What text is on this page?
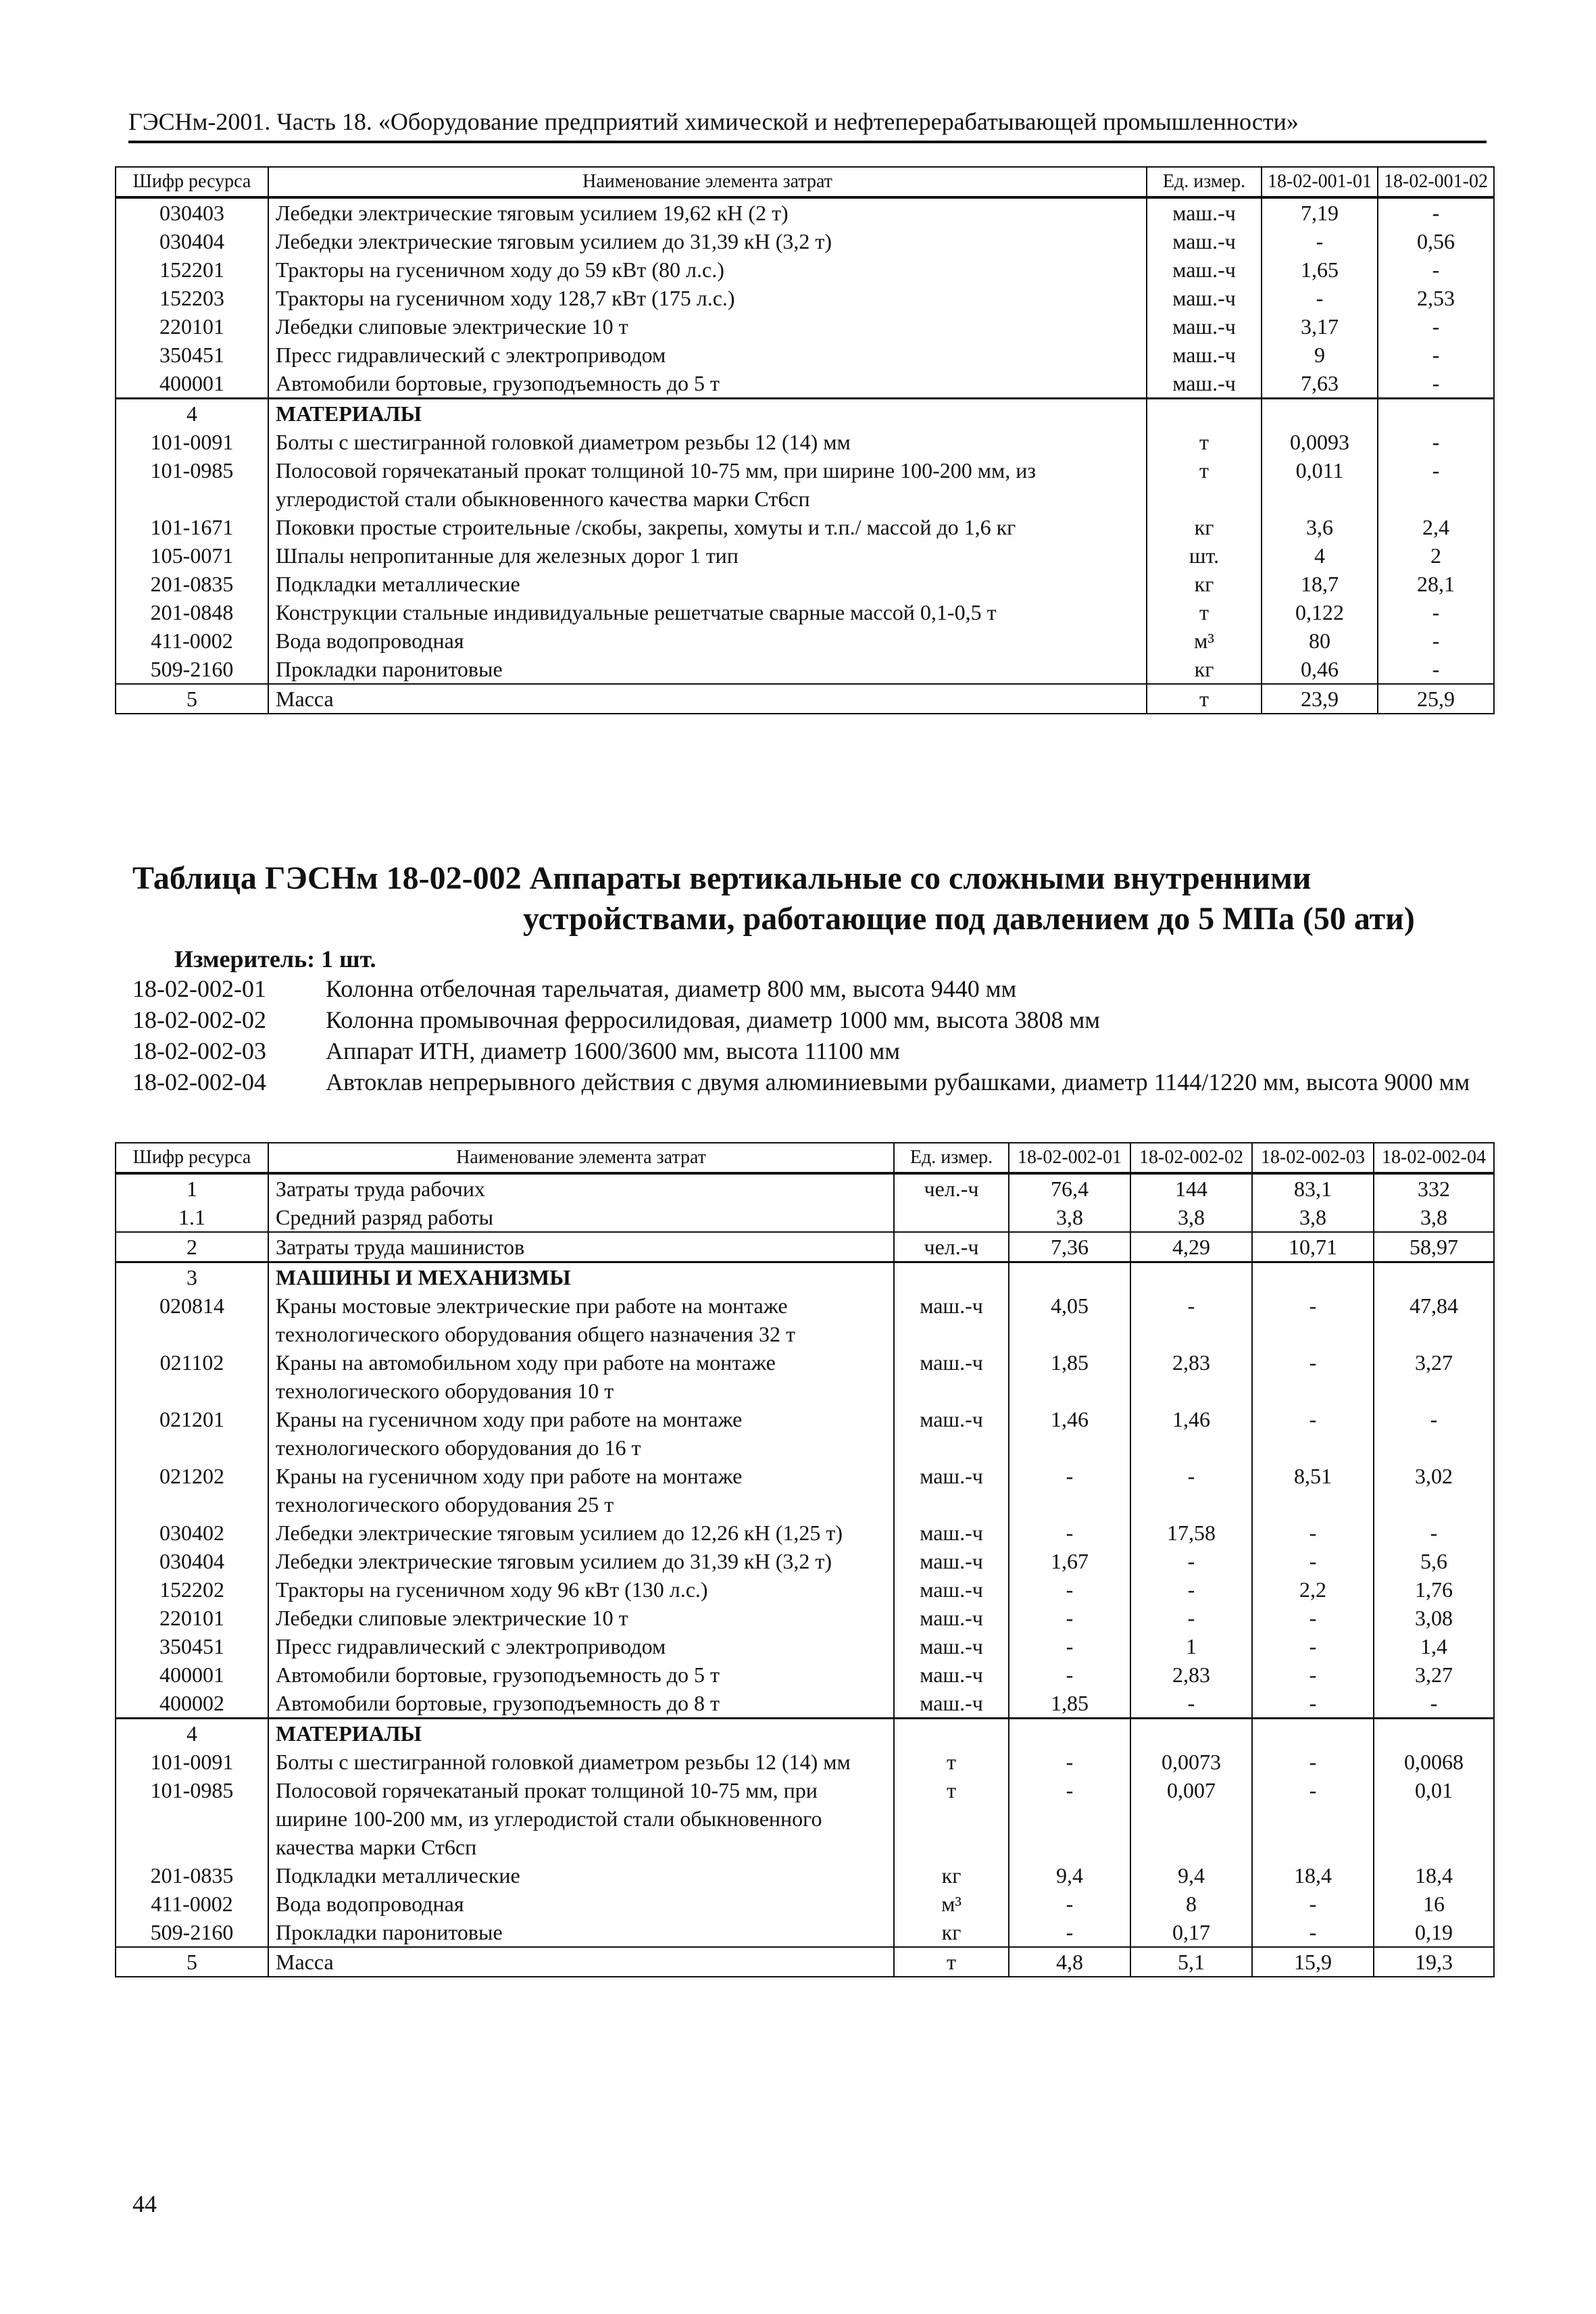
ГЭСНм-2001. Часть 18. «Оборудование предприятий химической и нефтеперерабатывающей промышленности»
Шифр ресурса	Наименование элемента затрат	Ед. измер.	18-02-001-01	18-02-001-02
030403	Лебедки электрические тяговым усилием 19,62 кН (2 т)	маш.-ч	7,19	-
030404	Лебедки электрические тяговым усилием до 31,39 кН (3,2 т)	маш.-ч	-	0,56
152201	Тракторы на гусеничном ходу до 59 кВт (80 л.с.)	маш.-ч	1,65	-
152203	Тракторы на гусеничном ходу 128,7 кВт (175 л.с.)	маш.-ч	-	2,53
220101	Лебедки слиповые электрические 10 т	маш.-ч	3,17	-
350451	Пресс гидравлический с электроприводом	маш.-ч	9	-
400001	Автомобили бортовые, грузоподъемность до 5 т	маш.-ч	7,63	-
4	МАТЕРИАЛЫ			
101-0091	Болты с шестигранной головкой диаметром резьбы 12 (14) мм	т	0,0093	-
101-0985	Полосовой горячекатаный прокат толщиной 10-75 мм, при ширине 100-200 мм, из углеродистой стали обыкновенного качества марки Ст6сп	т	0,011	-
101-1671	Поковки простые строительные /скобы, закрепы, хомуты и т.п./ массой до 1,6 кг	кг	3,6	2,4
105-0071	Шпалы непропитанные для железных дорог 1 тип	шт.	4	2
201-0835	Подкладки металлические	кг	18,7	28,1
201-0848	Конструкции стальные индивидуальные решетчатые сварные массой 0,1-0,5 т	т	0,122	-
411-0002	Вода водопроводная	м³	80	-
509-2160	Прокладки паронитовые	кг	0,46	-
5	Масса	т	23,9	25,9
Таблица ГЭСНм 18-02-002 Аппараты вертикальные со сложными внутренними
устройствами, работающие под давлением до 5 МПа (50 ати)
Измеритель: 1 шт.
18-02-002-01	Колонна отбелочная тарельчатая, диаметр 800 мм, высота 9440 мм
18-02-002-02	Колонна промывочная ферросилидовая, диаметр 1000 мм, высота 3808 мм
18-02-002-03	Аппарат ИТН, диаметр 1600/3600 мм, высота 11100 мм
18-02-002-04	Автоклав непрерывного действия с двумя алюминиевыми рубашками, диаметр 1144/1220 мм, высота 9000 мм
Шифр ресурса	Наименование элемента затрат	Ед. измер.	18-02-002-01	18-02-002-02	18-02-002-03	18-02-002-04
1	Затраты труда рабочих	чел.-ч	76,4	144	83,1	332
1.1	Средний разряд работы		3,8	3,8	3,8	3,8
2	Затраты труда машинистов	чел.-ч	7,36	4,29	10,71	58,97
3	МАШИНЫ И МЕХАНИЗМЫ					
020814	Краны мостовые электрические при работе на монтаже технологического оборудования общего назначения 32 т	маш.-ч	4,05	-	-	47,84
021102	Краны на автомобильном ходу при работе на монтаже технологического оборудования 10 т	маш.-ч	1,85	2,83	-	3,27
021201	Краны на гусеничном ходу при работе на монтаже технологического оборудования до 16 т	маш.-ч	1,46	1,46	-	-
021202	Краны на гусеничном ходу при работе на монтаже технологического оборудования 25 т	маш.-ч	-	-	8,51	3,02
030402	Лебедки электрические тяговым усилием до 12,26 кН (1,25 т)	маш.-ч	-	17,58	-	-
030404	Лебедки электрические тяговым усилием до 31,39 кН (3,2 т)	маш.-ч	1,67	-	-	5,6
152202	Тракторы на гусеничном ходу 96 кВт (130 л.с.)	маш.-ч	-	-	2,2	1,76
220101	Лебедки слиповые электрические 10 т	маш.-ч	-	-	-	3,08
350451	Пресс гидравлический с электроприводом	маш.-ч	-	1	-	1,4
400001	Автомобили бортовые, грузоподъемность до 5 т	маш.-ч	-	2,83	-	3,27
400002	Автомобили бортовые, грузоподъемность до 8 т	маш.-ч	1,85	-	-	-
4	МАТЕРИАЛЫ					
101-0091	Болты с шестигранной головкой диаметром резьбы 12 (14) мм	т	-	0,0073	-	0,0068
101-0985	Полосовой горячекатаный прокат толщиной 10-75 мм, при ширине 100-200 мм, из углеродистой стали обыкновенного качества марки Ст6сп	т	-	0,007	-	0,01
201-0835	Подкладки металлические	кг	9,4	9,4	18,4	18,4
411-0002	Вода водопроводная	м³	-	8	-	16
509-2160	Прокладки паронитовые	кг	-	0,17	-	0,19
5	Масса	т	4,8	5,1	15,9	19,3
44
